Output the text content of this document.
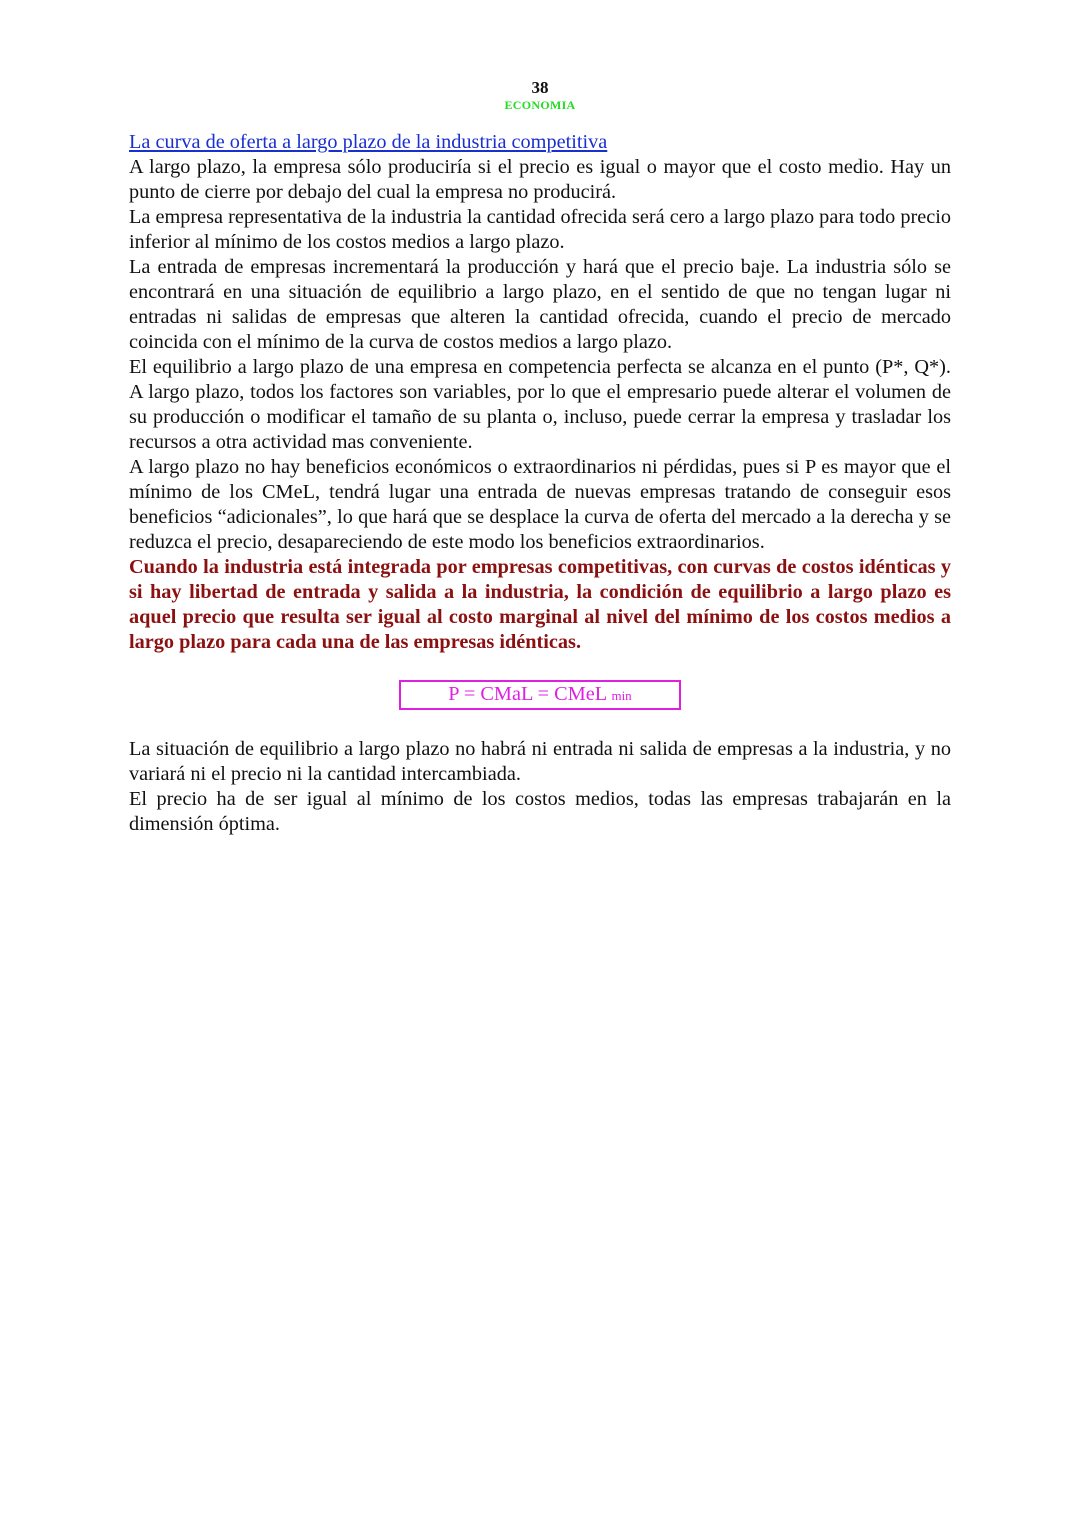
38
ECONOMIA
La curva de oferta a largo plazo de la industria competitiva

A largo plazo, la empresa sólo produciría si el precio es igual o mayor que el costo medio. Hay un punto de cierre por debajo del cual la empresa no producirá.

La empresa representativa de la industria la cantidad ofrecida será cero a largo plazo para todo precio inferior al mínimo de los costos medios a largo plazo.

La entrada de empresas incrementará la producción y hará que el precio baje. La industria sólo se encontrará en una situación de equilibrio a largo plazo, en el sentido de que no tengan lugar ni entradas ni salidas de empresas que alteren la cantidad ofrecida, cuando el precio de mercado coincida con el mínimo de la curva de costos medios a largo plazo.

El equilibrio a largo plazo de una empresa en competencia perfecta se alcanza en el punto (P*, Q*). A largo plazo, todos los factores son variables, por lo que el empresario puede alterar el volumen de su producción o modificar el tamaño de su planta o, incluso, puede cerrar la empresa y trasladar los recursos a otra actividad mas conveniente.

A largo plazo no hay beneficios económicos o extraordinarios ni pérdidas, pues si P es mayor que el mínimo de los CMeL, tendrá lugar una entrada de nuevas empresas tratando de conseguir esos beneficios “adicionales”, lo que hará que se desplace la curva de oferta del mercado a la derecha y se reduzca el precio, desapareciendo de este modo los beneficios extraordinarios.

Cuando la industria está integrada por empresas competitivas, con curvas de costos idénticas y si hay libertad de entrada y salida a la industria, la condición de equilibrio a largo plazo es aquel precio que resulta ser igual al costo marginal al nivel del mínimo de los costos medios a largo plazo para cada una de las empresas idénticas.

P = CMaL = CMeL min

La situación de equilibrio a largo plazo no habrá ni entrada ni salida de empresas a la industria, y no variará ni el precio ni la cantidad intercambiada.

El precio ha de ser igual al mínimo de los costos medios, todas las empresas trabajarán en la dimensión óptima.
